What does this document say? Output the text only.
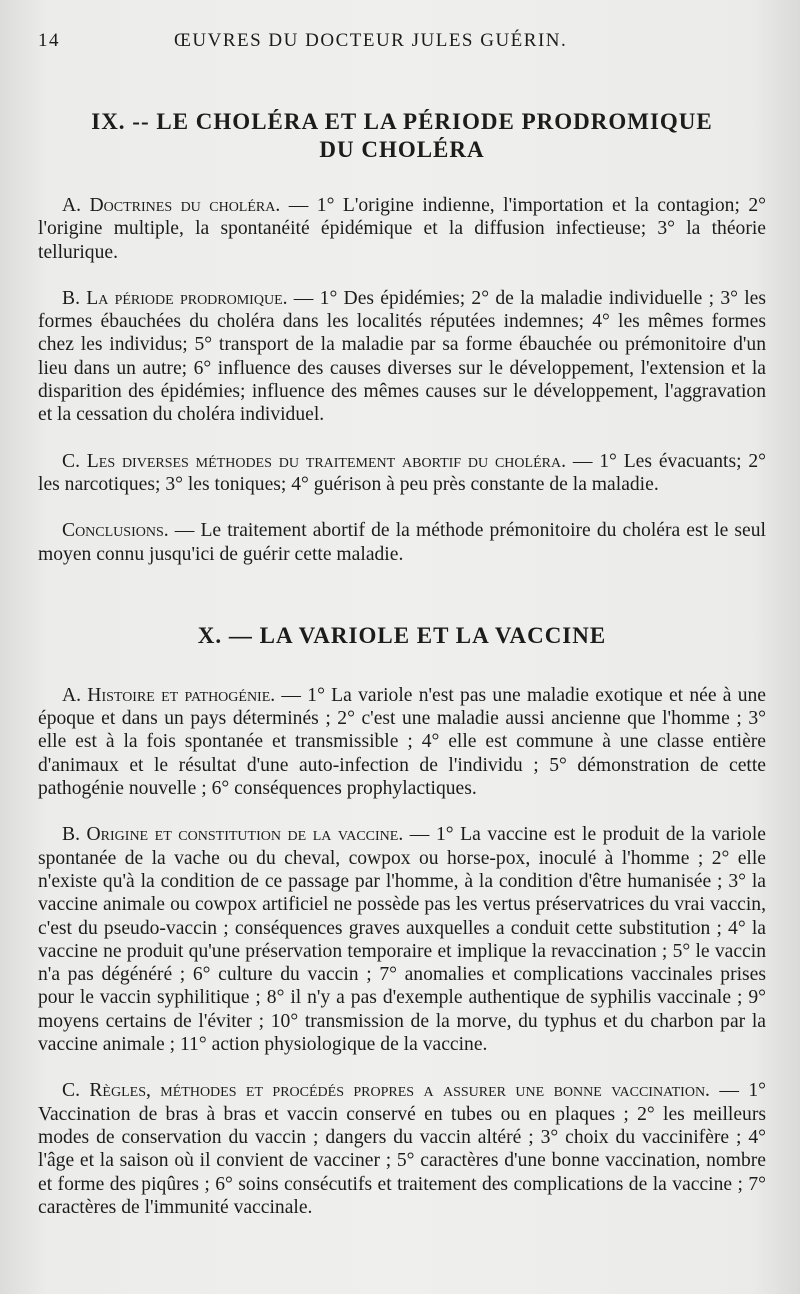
14	ŒUVRES DU DOCTEUR JULES GUÉRIN.
IX. -- LE CHOLÉRA ET LA PÉRIODE PRODROMIQUE
DU CHOLÉRA

A. Doctrines du choléra. — 1° L'origine indienne, l'importation et la contagion; 2° l'origine multiple, la spontanéité épidémique et la diffusion infectieuse; 3° la théorie tellurique.

B. La période prodromique. — 1° Des épidémies; 2° de la maladie individuelle ; 3° les formes ébauchées du choléra dans les localités réputées indemnes; 4° les mêmes formes chez les individus; 5° transport de la maladie par sa forme ébauchée ou prémonitoire d'un lieu dans un autre; 6° influence des causes diverses sur le développement, l'extension et la disparition des épidémies; influence des mêmes causes sur le développement, l'aggravation et la cessation du choléra individuel.

C. Les diverses méthodes du traitement abortif du choléra. — 1° Les évacuants; 2° les narcotiques; 3° les toniques; 4° guérison à peu près constante de la maladie.

Conclusions. — Le traitement abortif de la méthode prémonitoire du choléra est le seul moyen connu jusqu'ici de guérir cette maladie.

X. — LA VARIOLE ET LA VACCINE

A. Histoire et pathogénie. — 1° La variole n'est pas une maladie exotique et née à une époque et dans un pays déterminés ; 2° c'est une maladie aussi ancienne que l'homme ; 3° elle est à la fois spontanée et transmissible ; 4° elle est commune à une classe entière d'animaux et le résultat d'une auto-infection de l'individu ; 5° démonstration de cette pathogénie nouvelle ; 6° conséquences prophylactiques.

B. Origine et constitution de la vaccine. — 1° La vaccine est le produit de la variole spontanée de la vache ou du cheval, cowpox ou horse-pox, inoculé à l'homme ; 2° elle n'existe qu'à la condition de ce passage par l'homme, à la condition d'être humanisée ; 3° la vaccine animale ou cowpox artificiel ne possède pas les vertus préservatrices du vrai vaccin, c'est du pseudo-vaccin ; conséquences graves auxquelles a conduit cette substitution ; 4° la vaccine ne produit qu'une préservation temporaire et implique la revaccination ; 5° le vaccin n'a pas dégénéré ; 6° culture du vaccin ; 7° anomalies et complications vaccinales prises pour le vaccin syphilitique ; 8° il n'y a pas d'exemple authentique de syphilis vaccinale ; 9° moyens certains de l'éviter ; 10° transmission de la morve, du typhus et du charbon par la vaccine animale ; 11° action physiologique de la vaccine.

C. Règles, méthodes et procédés propres a assurer une bonne vaccination. — 1° Vaccination de bras à bras et vaccin conservé en tubes ou en plaques ; 2° les meilleurs modes de conservation du vaccin ; dangers du vaccin altéré ; 3° choix du vaccinifère ; 4° l'âge et la saison où il convient de vacciner ; 5° caractères d'une bonne vaccination, nombre et forme des piqûres ; 6° soins consécutifs et traitement des complications de la vaccine ; 7° caractères de l'immunité vaccinale.
